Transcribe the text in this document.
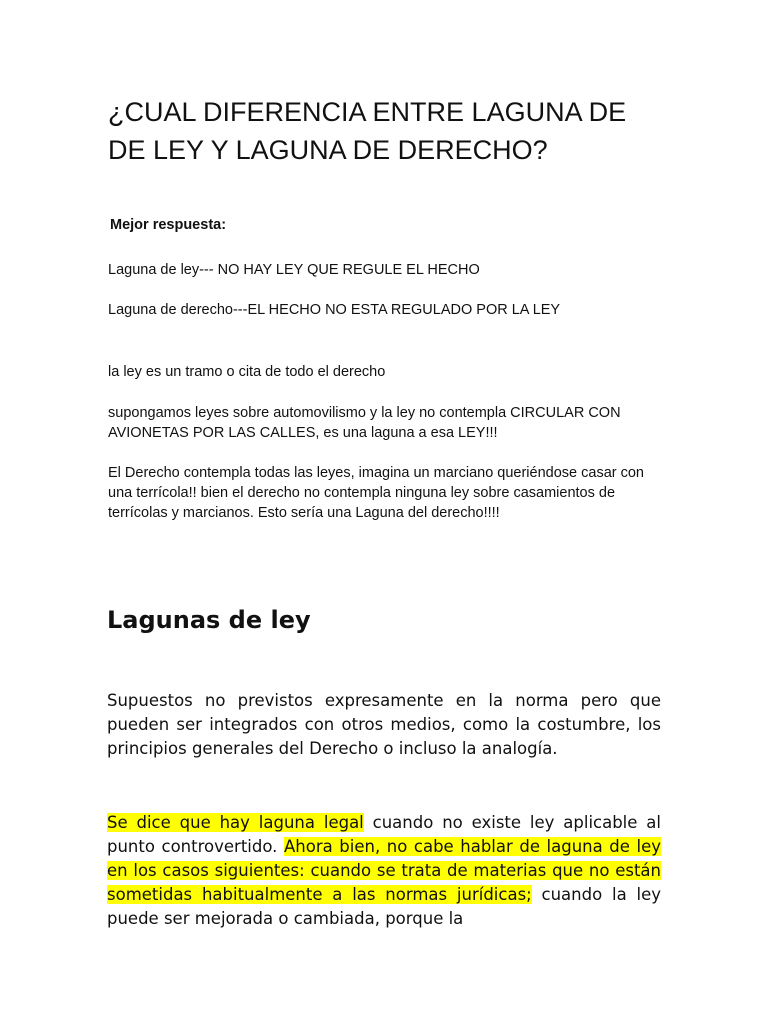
¿CUAL DIFERENCIA ENTRE LAGUNA DE DE LEY Y LAGUNA DE DERECHO?

Mejor respuesta:

Laguna de ley--- NO HAY LEY QUE REGULE EL HECHO

Laguna de derecho---EL HECHO NO ESTA REGULADO POR LA LEY

la ley es un tramo o cita de todo el derecho

supongamos leyes sobre automovilismo y la ley no contempla CIRCULAR CON AVIONETAS POR LAS CALLES, es una laguna a esa LEY!!!

El Derecho contempla todas las leyes, imagina un marciano queriéndose casar con una terrícola!! bien el derecho no contempla ninguna ley sobre casamientos de terrícolas y marcianos. Esto sería una Laguna del derecho!!!!

Lagunas de ley

Supuestos no previstos expresamente en la norma pero que pueden ser integrados con otros medios, como la costumbre, los principios generales del Derecho o incluso la analogía.

Se dice que hay laguna legal cuando no existe ley aplicable al punto controvertido. Ahora bien, no cabe hablar de laguna de ley en los casos siguientes: cuando se trata de materias que no están sometidas habitualmente a las normas jurídicas; cuando la ley puede ser mejorada o cambiada, porque la
